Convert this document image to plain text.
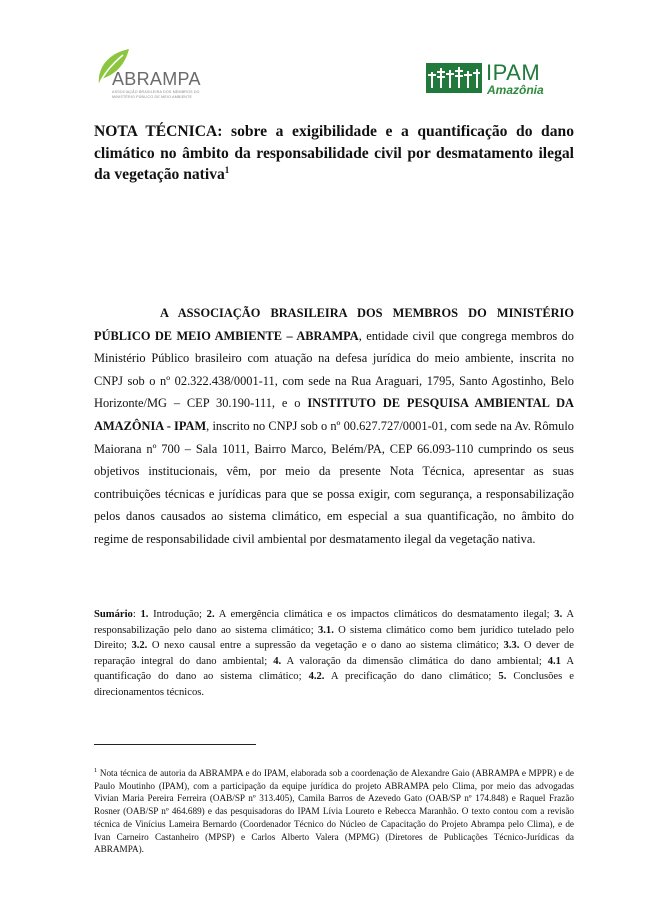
ABRAMPA
ASSOCIAÇÃO BRASILEIRA DOS MEMBROS DO
MINISTÉRIO PÚBLICO DE MEIO AMBIENTE
IPAM
Amazônia
NOTA TÉCNICA: sobre a exigibilidade e a quantificação do dano climático no âmbito da responsabilidade civil por desmatamento ilegal da vegetação nativa$^1$
A ASSOCIAÇÃO BRASILEIRA DOS MEMBROS DO MINISTÉRIO PÚBLICO DE MEIO AMBIENTE – ABRAMPA, entidade civil que congrega membros do Ministério Público brasileiro com atuação na defesa jurídica do meio ambiente, inscrita no CNPJ sob o nº 02.322.438/0001-11, com sede na Rua Araguari, 1795, Santo Agostinho, Belo Horizonte/MG – CEP 30.190-111, e o INSTITUTO DE PESQUISA AMBIENTAL DA AMAZÔNIA - IPAM, inscrito no CNPJ sob o nº 00.627.727/0001-01, com sede na Av. Rômulo Maiorana nº 700 – Sala 1011, Bairro Marco, Belém/PA, CEP 66.093-110 cumprindo os seus objetivos institucionais, vêm, por meio da presente Nota Técnica, apresentar as suas contribuições técnicas e jurídicas para que se possa exigir, com segurança, a responsabilização pelos danos causados ao sistema climático, em especial a sua quantificação, no âmbito do regime de responsabilidade civil ambiental por desmatamento ilegal da vegetação nativa.
Sumário: 1. Introdução; 2. A emergência climática e os impactos climáticos do desmatamento ilegal; 3. A responsabilização pelo dano ao sistema climático; 3.1. O sistema climático como bem jurídico tutelado pelo Direito; 3.2. O nexo causal entre a supressão da vegetação e o dano ao sistema climático; 3.3. O dever de reparação integral do dano ambiental; 4. A valoração da dimensão climática do dano ambiental; 4.1 A quantificação do dano ao sistema climático; 4.2. A precificação do dano climático; 5. Conclusões e direcionamentos técnicos.
$^1$ Nota técnica de autoria da ABRAMPA e do IPAM, elaborada sob a coordenação de Alexandre Gaio (ABRAMPA e MPPR) e de Paulo Moutinho (IPAM), com a participação da equipe jurídica do projeto ABRAMPA pelo Clima, por meio das advogadas Vivian Maria Pereira Ferreira (OAB/SP nº 313.405), Camila Barros de Azevedo Gato (OAB/SP nº 174.848) e Raquel Frazão Rosner (OAB/SP nº 464.689) e das pesquisadoras do IPAM Lívia Loureto e Rebecca Maranhão. O texto contou com a revisão técnica de Vinícius Lameira Bernardo (Coordenador Técnico do Núcleo de Capacitação do Projeto Abrampa pelo Clima), e de Ivan Carneiro Castanheiro (MPSP) e Carlos Alberto Valera (MPMG) (Diretores de Publicações Técnico-Jurídicas da ABRAMPA).
